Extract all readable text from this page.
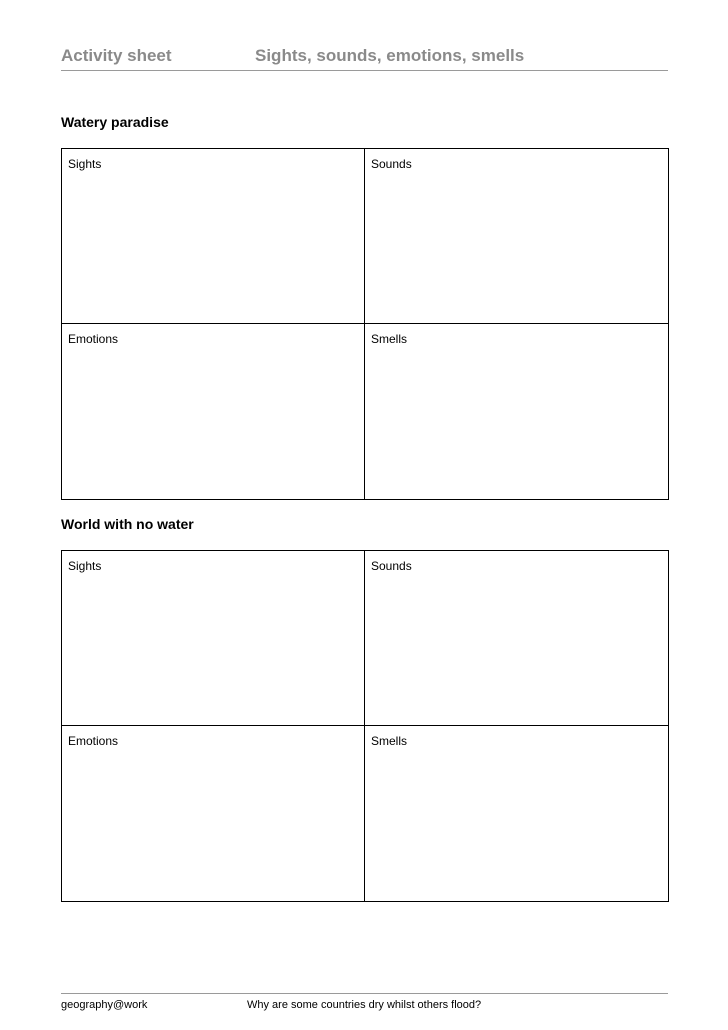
Activity sheet	Sights, sounds, emotions, smells
Watery paradise
Sights	Sounds
Emotions	Smells
World with no water
Sights	Sounds
Emotions	Smells
geography@work	Why are some countries dry whilst others flood?
